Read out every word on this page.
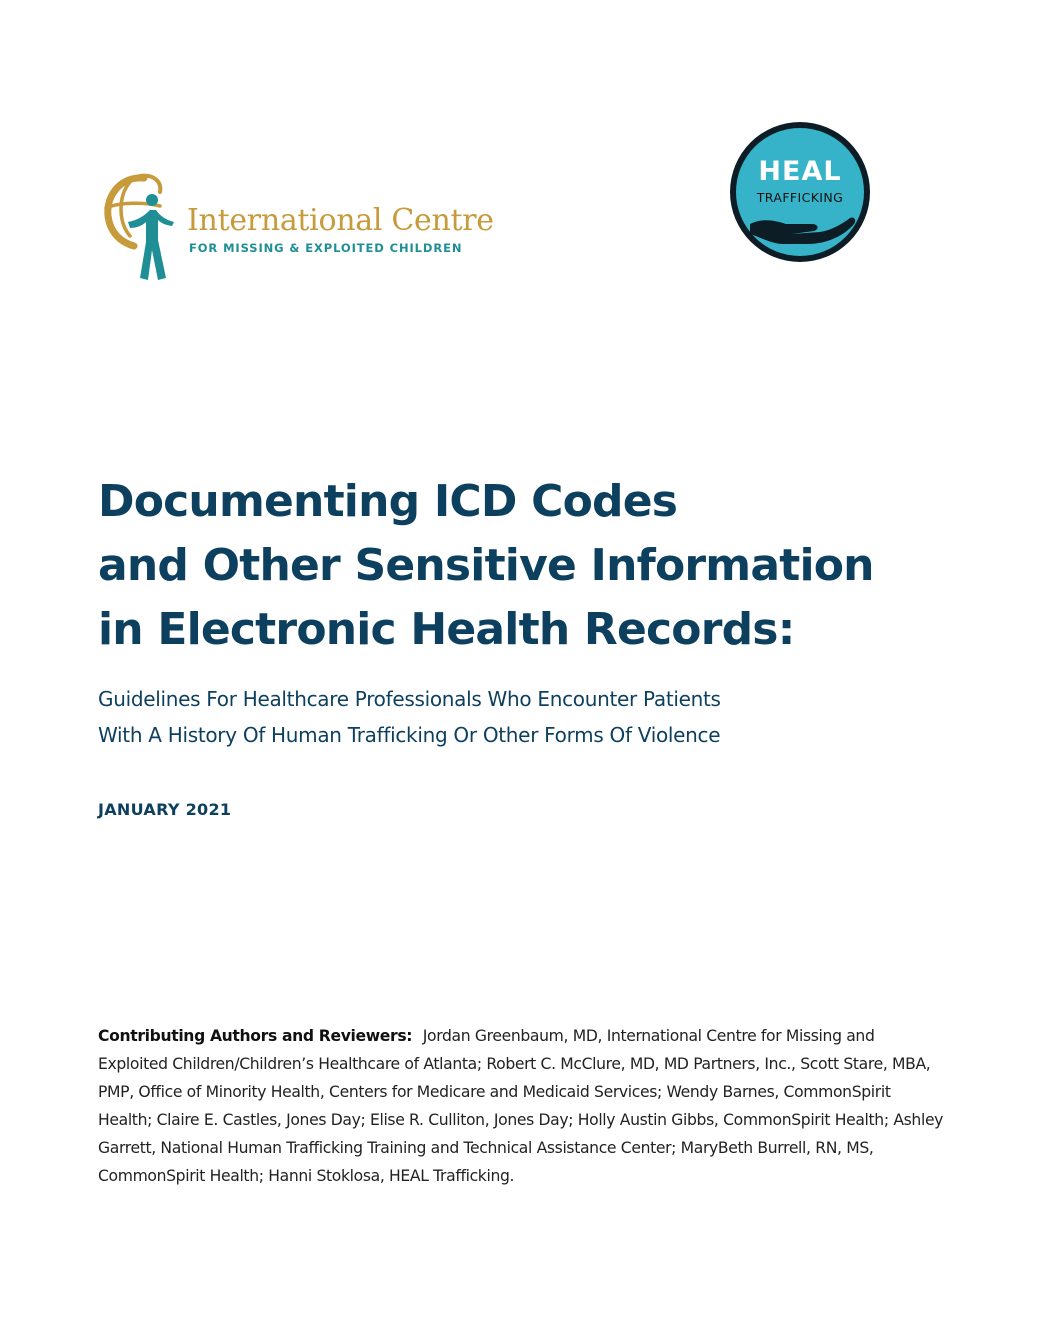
International Centre
FOR MISSING & EXPLOITED CHILDREN
HEAL
TRAFFICKING
Documenting ICD Codes
and Other Sensitive Information
in Electronic Health Records:
Guidelines For Healthcare Professionals Who Encounter Patients
With A History Of Human Trafficking Or Other Forms Of Violence
JANUARY 2021

Contributing Authors and Reviewers: Jordan Greenbaum, MD, International Centre for Missing and Exploited Children/Children’s Healthcare of Atlanta; Robert C. McClure, MD, MD Partners, Inc., Scott Stare, MBA, PMP, Office of Minority Health, Centers for Medicare and Medicaid Services; Wendy Barnes, CommonSpirit Health; Claire E. Castles, Jones Day; Elise R. Culliton, Jones Day; Holly Austin Gibbs, CommonSpirit Health; Ashley Garrett, National Human Trafficking Training and Technical Assistance Center; MaryBeth Burrell, RN, MS, CommonSpirit Health; Hanni Stoklosa, HEAL Trafficking.
